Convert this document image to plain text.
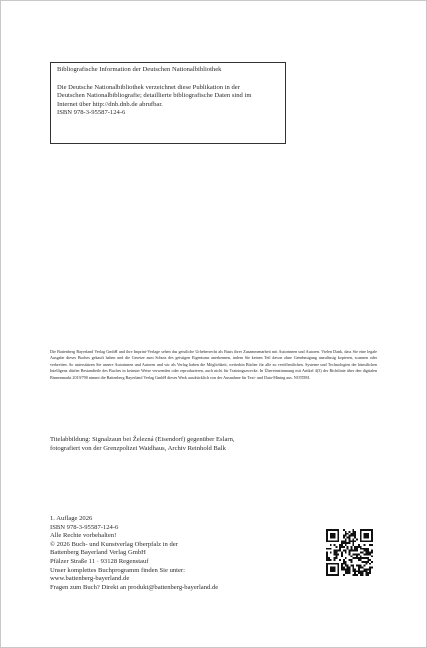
Bibliografische Information der Deutschen Nationalbibliothek

Die Deutsche Nationalbibliothek verzeichnet diese Publikation in der
Deutschen Nationalbibliografie; detaillierte bibliografische Daten sind im
Internet über http://dnb.dnb.de abrufbar.
ISBN 978-3-95587-124-6

Die Battenberg Bayerland Verlag GmbH und ihre Imprint-Verlage sehen das geistliche Urheberrecht als Basis ihrer Zusammenarbeit mit Autorinnen und Autoren. Vielen Dank, dass Sie eine legale Ausgabe dieses Buches gekauft haben und die Gesetze zum Schutz des geistigen Eigentums anerkennen, indem Sie keinen Teil davon ohne Genehmigung unzulässig kopieren, scannen oder verbreiten. So unterstützen Sie unsere Autorinnen und Autoren und wir als Verlag haben die Möglichkeit, weiterhin Bücher für alle zu veröffentlichen. Systeme und Technologien der künstlichen Intelligenz dürfen Bestandteile des Buches in keinster Weise verwenden oder reproduzieren, auch nicht für Trainingszwecke. In Übereinstimmung mit Artikel 4(3) der Richtlinie über den digitalen Binnenmarkt 2019/790 nimmt die Battenberg Bayerland Verlag GmbH dieses Werk ausdrücklich von der Ausnahme für Text- und Data-Mining aus. NOTDM.
Titelabbildung: Signalzaun bei Železná (Eisendorf) gegenüber Eslarn,
fotografiert von der Grenzpolizei Waidhaus, Archiv Reinhold Balk
1. Auflage 2026
ISBN 978-3-95587-124-6
Alle Rechte vorbehalten!
© 2026 Buch- und Kunstverlag Oberpfalz in der
Battenberg Bayerland Verlag GmbH
Pfälzer Straße 11 · 93128 Regenstauf
Unser komplettes Buchprogramm finden Sie unter:
www.battenberg-bayerland.de
Fragen zum Buch? Direkt an produkt@battenberg-bayerland.de
